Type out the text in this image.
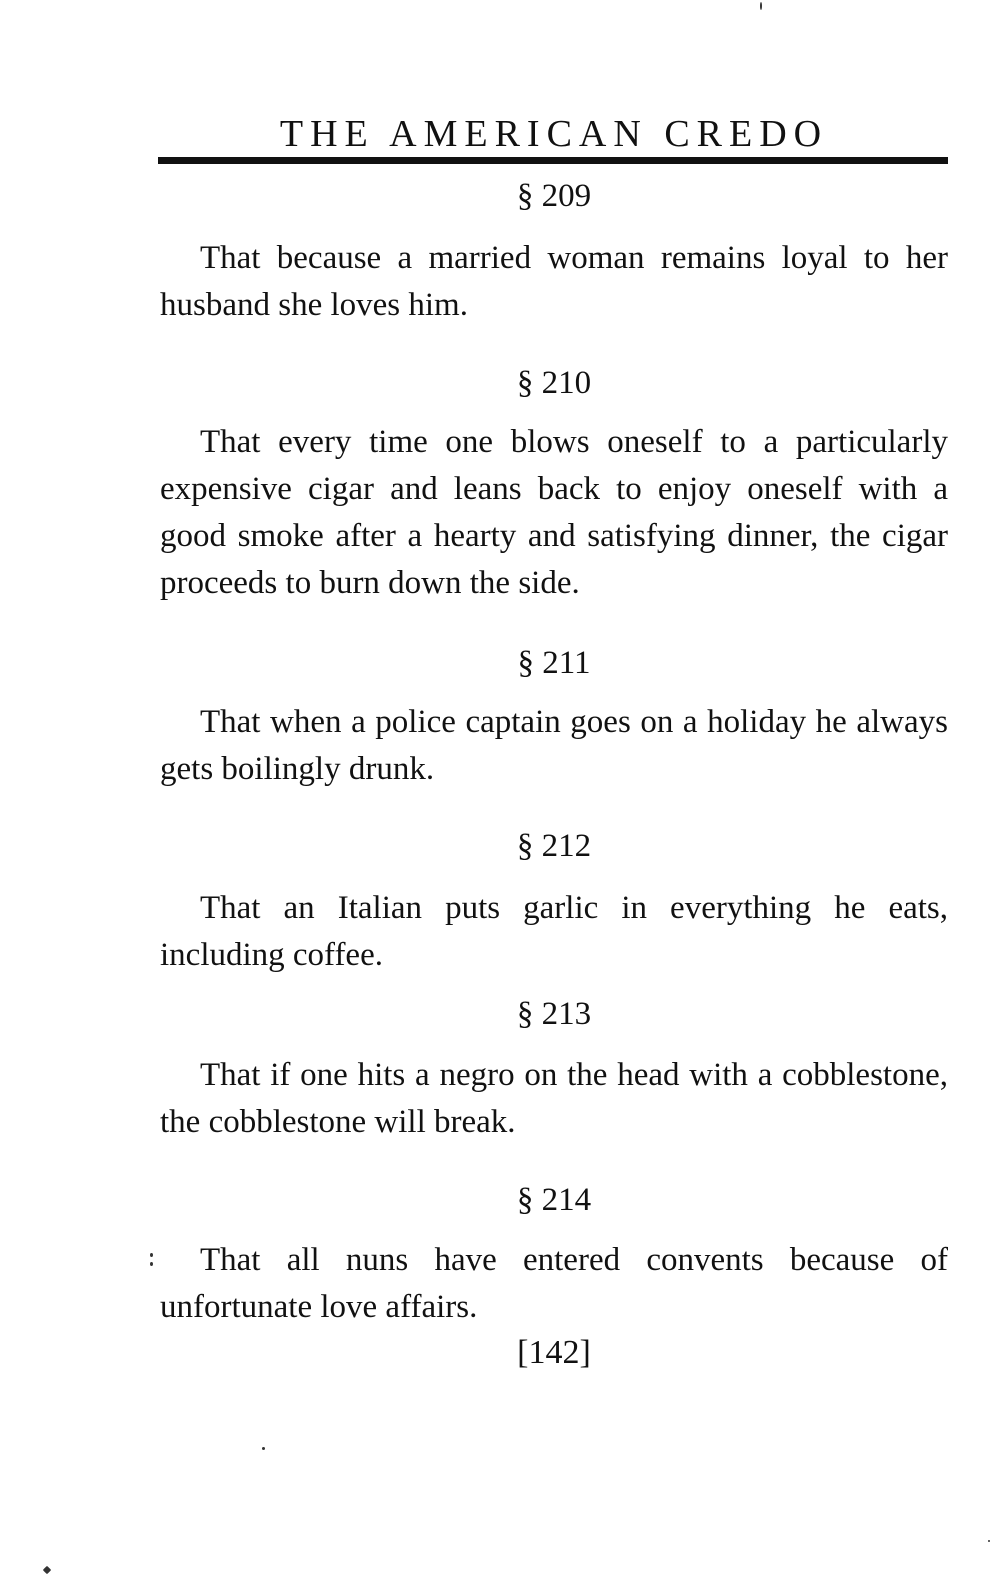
THE AMERICAN CREDO
§ 209

That because a married woman remains loyal to her husband she loves him.

§ 210

That every time one blows oneself to a particularly expensive cigar and leans back to enjoy oneself with a good smoke after a hearty and satisfying dinner, the cigar proceeds to burn down the side.

§ 211

That when a police captain goes on a holiday he always gets boilingly drunk.

§ 212

That an Italian puts garlic in everything he eats, including coffee.

§ 213

That if one hits a negro on the head with a cobblestone, the cobblestone will break.

§ 214

That all nuns have entered convents because of unfortunate love affairs.

[142]
